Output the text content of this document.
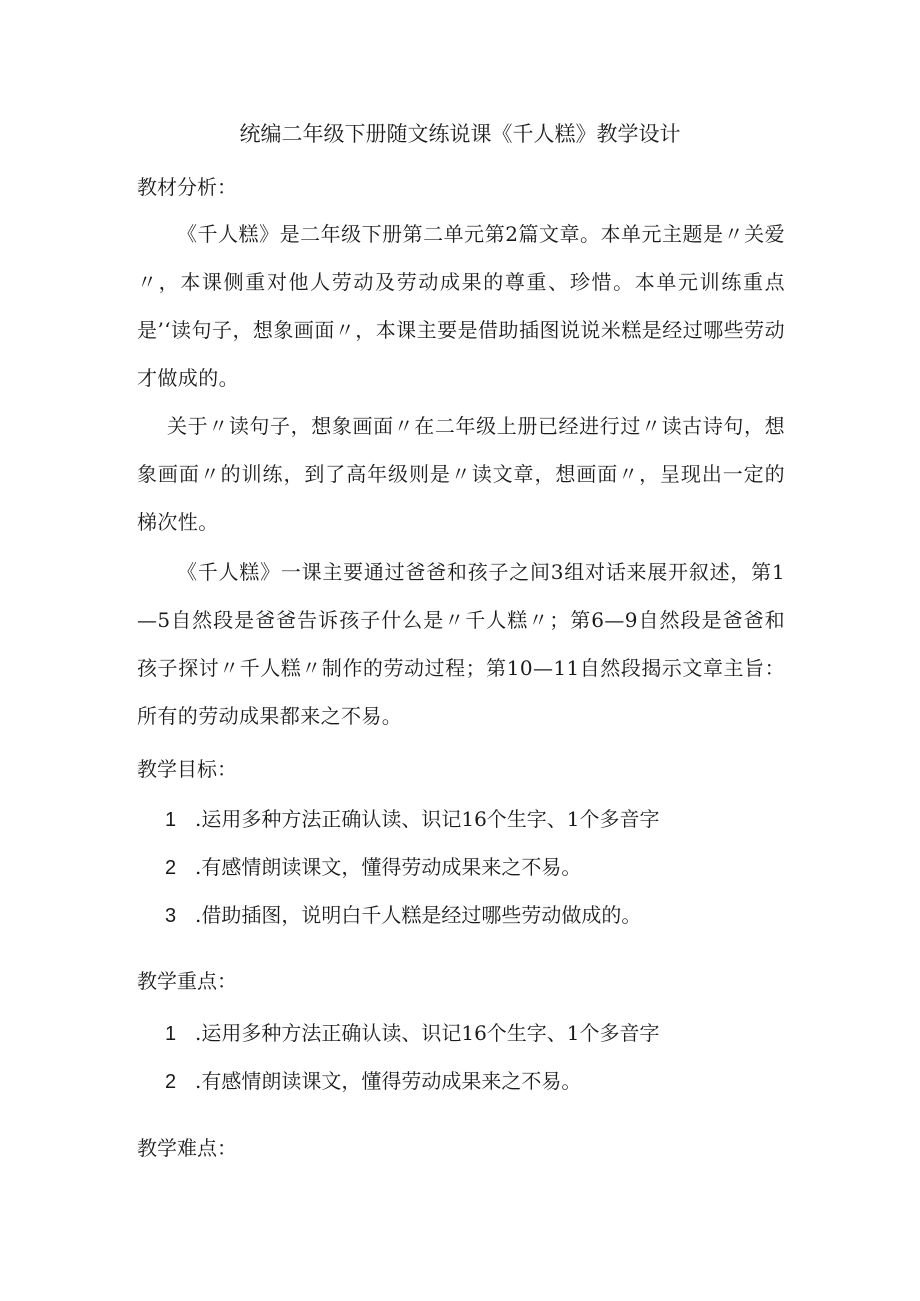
统编二年级下册随文练说课《千人糕》教学设计
教材分析：
《千人糕》是二年级下册第二单元第2篇文章。本单元主题是〃关爱〃，本课侧重对他人劳动及劳动成果的尊重、珍惜。本单元训练重点是’‘读句子，想象画面〃，本课主要是借助插图说说米糕是经过哪些劳动才做成的。
关于〃读句子，想象画面〃在二年级上册已经进行过〃读古诗句，想象画面〃的训练，到了高年级则是〃读文章，想画面〃，呈现出一定的梯次性。
《千人糕》一课主要通过爸爸和孩子之间3组对话来展开叙述，第1—5自然段是爸爸告诉孩子什么是〃千人糕〃；第6—9自然段是爸爸和孩子探讨〃千人糕〃制作的劳动过程；第10—11自然段揭示文章主旨：所有的劳动成果都来之不易。
教学目标：
1 .运用多种方法正确认读、识记16个生字、1个多音字
2 .有感情朗读课文，懂得劳动成果来之不易。
3 .借助插图，说明白千人糕是经过哪些劳动做成的。
教学重点：
1 .运用多种方法正确认读、识记16个生字、1个多音字
2 .有感情朗读课文，懂得劳动成果来之不易。
教学难点：
